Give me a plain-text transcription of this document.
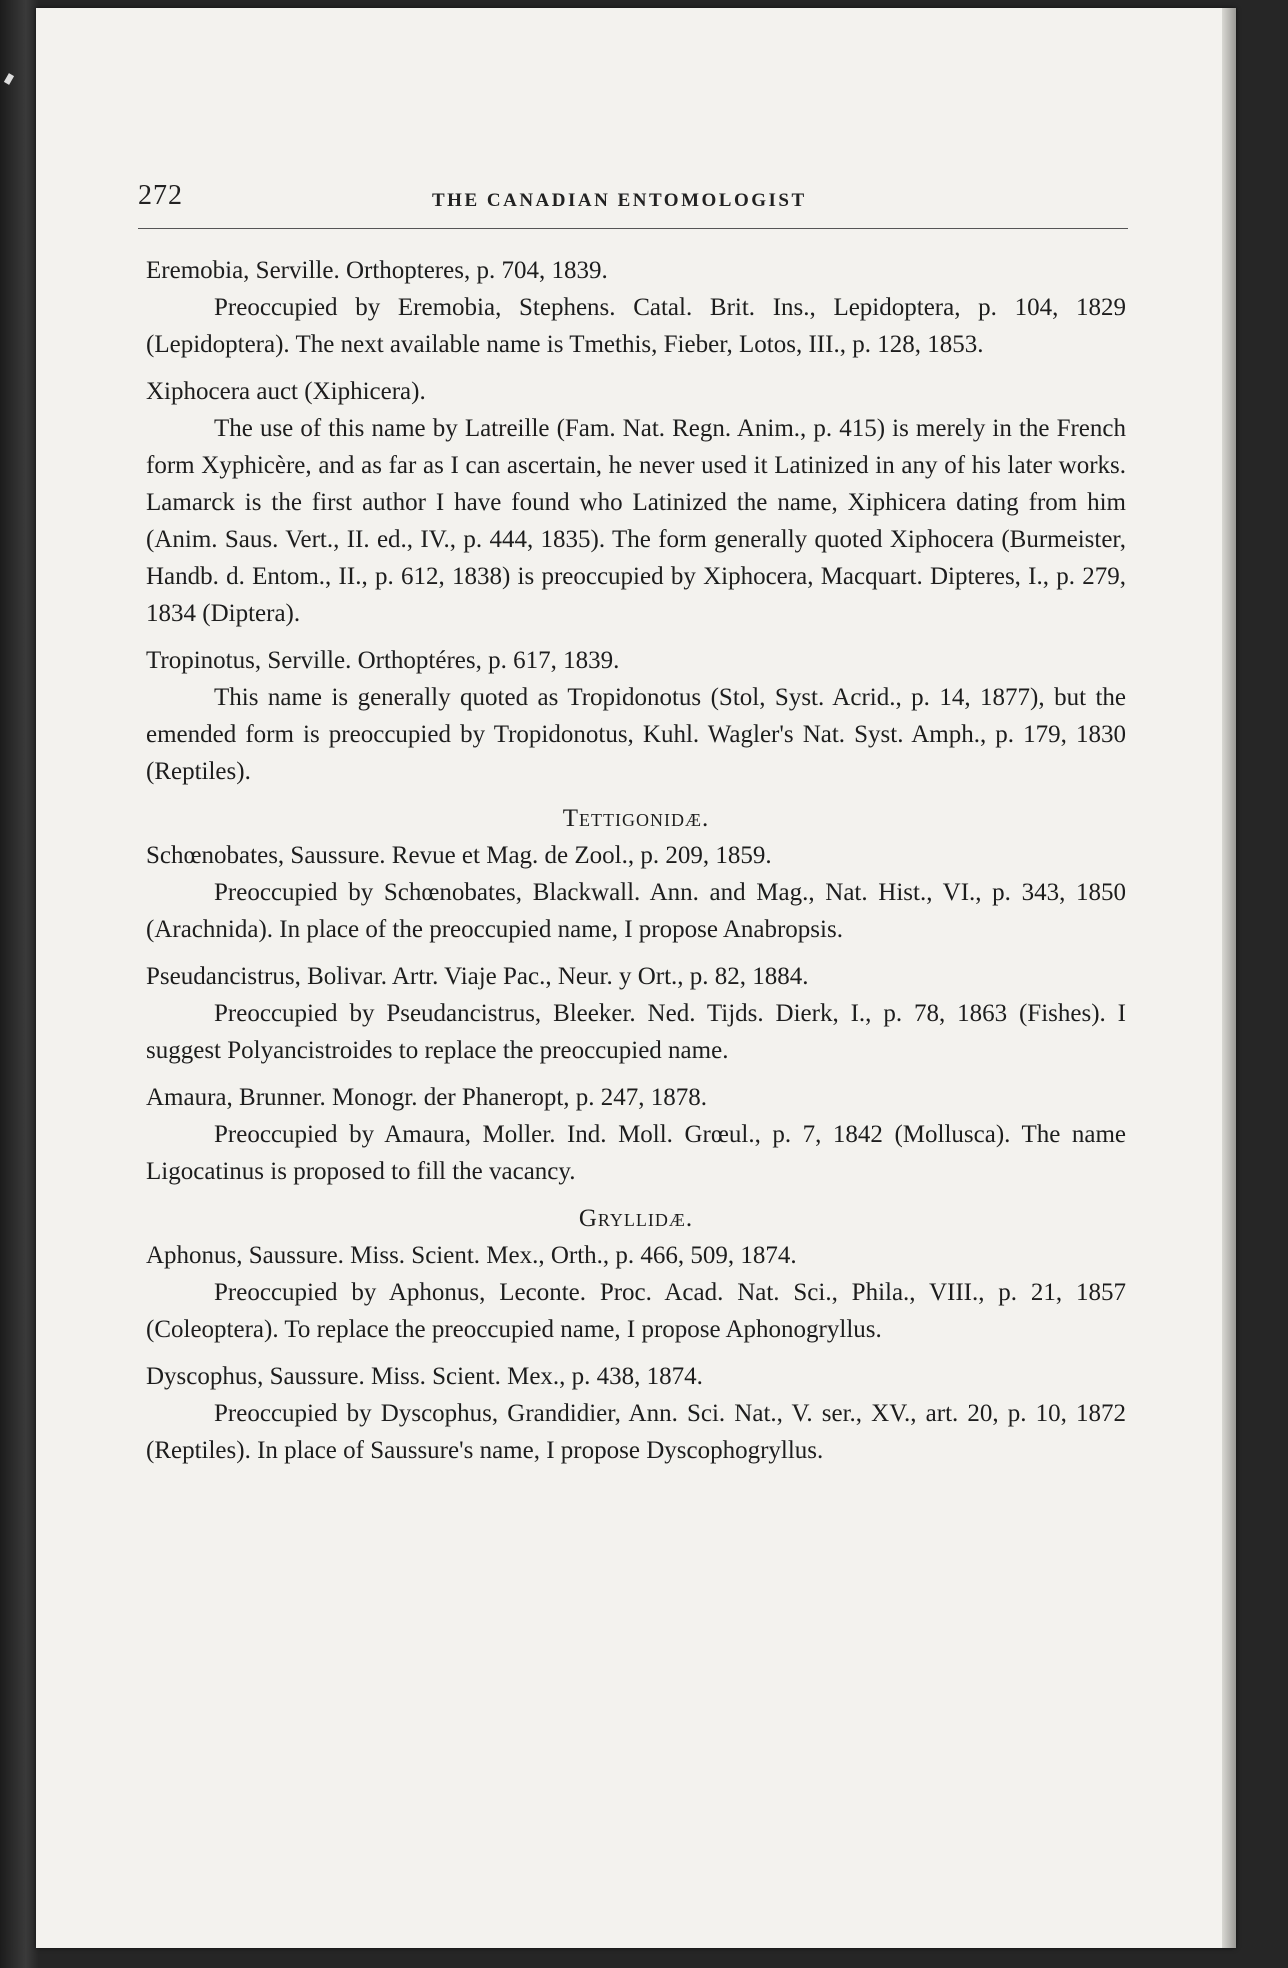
272	THE CANADIAN ENTOMOLOGIST

Eremobia, Serville. Orthopteres, p. 704, 1839.

Preoccupied by Eremobia, Stephens. Catal. Brit. Ins., Lepidoptera, p. 104, 1829 (Lepidoptera). The next available name is Tmethis, Fieber, Lotos, III., p. 128, 1853.

Xiphocera auct (Xiphicera).

The use of this name by Latreille (Fam. Nat. Regn. Anim., p. 415) is merely in the French form Xyphicère, and as far as I can ascertain, he never used it Latinized in any of his later works. Lamarck is the first author I have found who Latinized the name, Xiphicera dating from him (Anim. Saus. Vert., II. ed., IV., p. 444, 1835). The form generally quoted Xiphocera (Burmeister, Handb. d. Entom., II., p. 612, 1838) is preoccupied by Xiphocera, Macquart. Dipteres, I., p. 279, 1834 (Diptera).

Tropinotus, Serville. Orthoptéres, p. 617, 1839.

This name is generally quoted as Tropidonotus (Stol, Syst. Acrid., p. 14, 1877), but the emended form is preoccupied by Tropidonotus, Kuhl. Wagler's Nat. Syst. Amph., p. 179, 1830 (Reptiles).

Tettigonidæ.

Schœnobates, Saussure. Revue et Mag. de Zool., p. 209, 1859.

Preoccupied by Schœnobates, Blackwall. Ann. and Mag., Nat. Hist., VI., p. 343, 1850 (Arachnida). In place of the preoccupied name, I propose Anabropsis.

Pseudancistrus, Bolivar. Artr. Viaje Pac., Neur. y Ort., p. 82, 1884.

Preoccupied by Pseudancistrus, Bleeker. Ned. Tijds. Dierk, I., p. 78, 1863 (Fishes). I suggest Polyancistroides to replace the preoccupied name.

Amaura, Brunner. Monogr. der Phaneropt, p. 247, 1878.

Preoccupied by Amaura, Moller. Ind. Moll. Grœul., p. 7, 1842 (Mollusca). The name Ligocatinus is proposed to fill the vacancy.

Gryllidæ.

Aphonus, Saussure. Miss. Scient. Mex., Orth., p. 466, 509, 1874.

Preoccupied by Aphonus, Leconte. Proc. Acad. Nat. Sci., Phila., VIII., p. 21, 1857 (Coleoptera). To replace the preoccupied name, I propose Aphonogryllus.

Dyscophus, Saussure. Miss. Scient. Mex., p. 438, 1874.

Preoccupied by Dyscophus, Grandidier, Ann. Sci. Nat., V. ser., XV., art. 20, p. 10, 1872 (Reptiles). In place of Saussure's name, I propose Dyscophogryllus.
